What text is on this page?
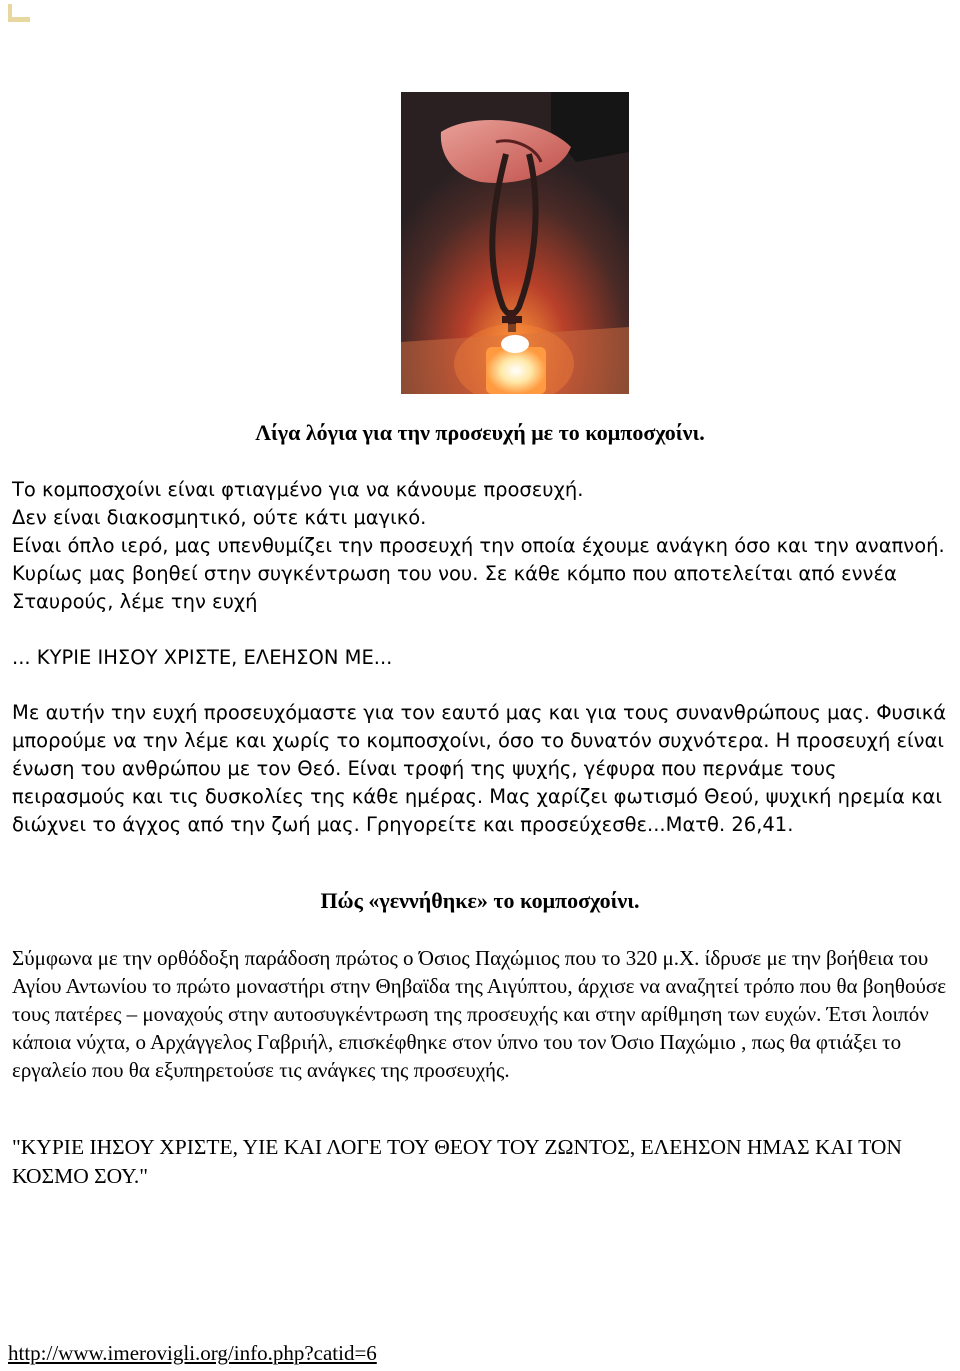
Λίγα λόγια για την προσευχή με το κομποσχοίνι.

Το κομποσχοίνι είναι φτιαγμένο για να κάνουμε προσευχή.

Δεν είναι διακοσμητικό, ούτε κάτι μαγικό.

Είναι όπλο ιερό, μας υπενθυμίζει την προσευχή την οποία έχουμε ανάγκη όσο και την αναπνοή.

Κυρίως μας βοηθεί στην συγκέντρωση του νου. Σε κάθε κόμπο που αποτελείται από εννέα Σταυρούς, λέμε την ευχή

... ΚΥΡΙΕ ΙΗΣΟΥ ΧΡΙΣΤΕ, ΕΛΕΗΣΟΝ ΜΕ...
Με αυτήν την ευχή προσευχόμαστε για τον εαυτό μας και για τους συνανθρώπους μας. Φυσικά μπορούμε να την λέμε και χωρίς το κομποσχοίνι, όσο το δυνατόν συχνότερα. Η προσευχή είναι ένωση του ανθρώπου με τον Θεό. Είναι τροφή της ψυχής, γέφυρα που περνάμε τους πειρασμούς και τις δυσκολίες της κάθε ημέρας. Μας χαρίζει φωτισμό Θεού, ψυχική ηρεμία και διώχνει το άγχος από την ζωή μας. Γρηγορείτε και προσεύχεσθε...Ματθ. 26,41.
Πώς «γεννήθηκε» το κομποσχοίνι.
Σύμφωνα με την ορθόδοξη παράδοση πρώτος ο Όσιος Παχώμιος που το 320 μ.Χ. ίδρυσε με την βοήθεια του Αγίου Αντωνίου το πρώτο μοναστήρι στην Θηβαϊδα της Αιγύπτου, άρχισε να αναζητεί τρόπο που θα βοηθούσε τους πατέρες – μοναχούς στην αυτοσυγκέντρωση της προσευχής και στην αρίθμηση των ευχών. Έτσι λοιπόν κάποια νύχτα, ο Αρχάγγελος Γαβριήλ, επισκέφθηκε στον ύπνο του τον Όσιο Παχώμιο , πως θα φτιάξει το εργαλείο που θα εξυπηρετούσε τις ανάγκες της προσευχής.
"ΚΥΡΙΕ ΙΗΣΟΥ ΧΡΙΣΤΕ, ΥΙΕ ΚΑΙ ΛΟΓΕ ΤΟΥ ΘΕΟΥ ΤΟΥ ΖΩΝΤΟΣ, ΕΛΕΗΣΟΝ ΗΜΑΣ ΚΑΙ ΤΟΝ ΚΟΣΜΟ ΣΟΥ."
http://www.imerovigli.org/info.php?catid=6
